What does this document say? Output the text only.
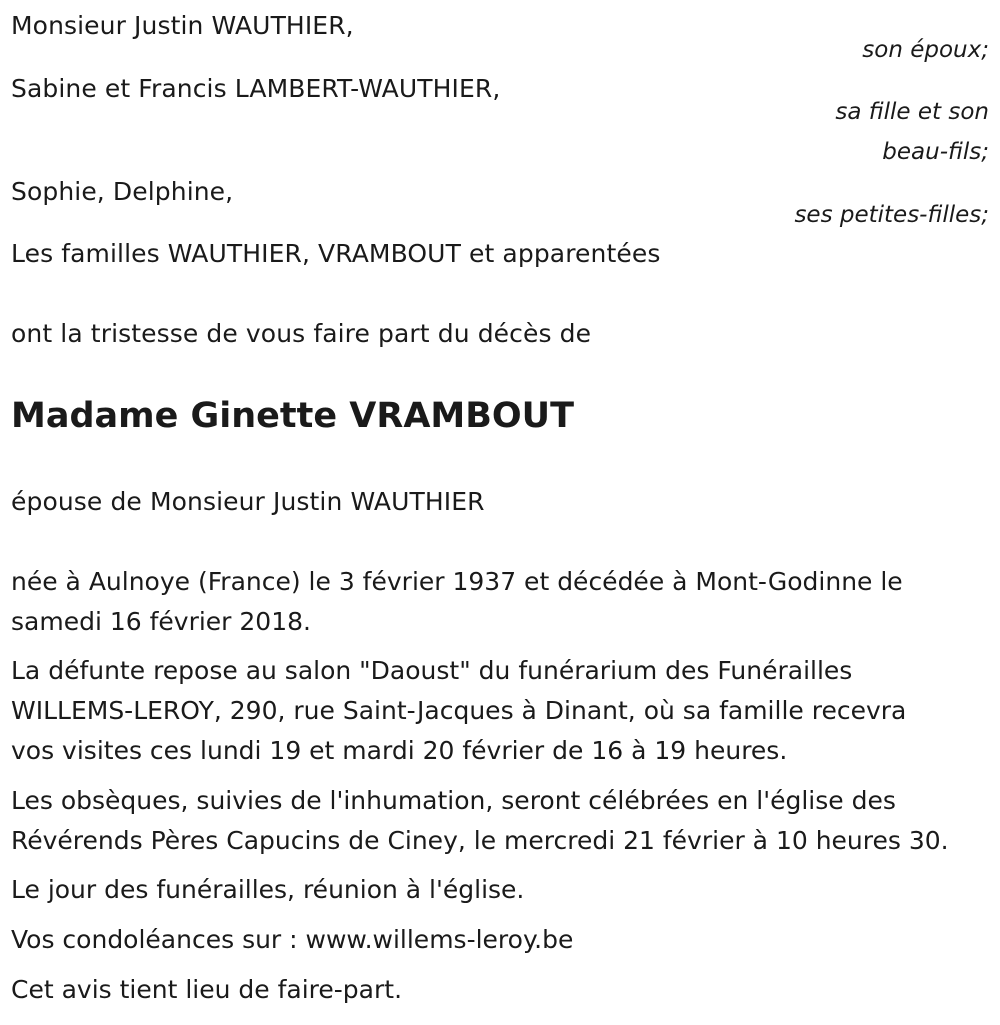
Monsieur Justin WAUTHIER,
son époux;
Sabine et Francis LAMBERT-WAUTHIER,
sa fille et son
beau-fils;
Sophie, Delphine,
ses petites-filles;
Les familles WAUTHIER, VRAMBOUT et apparentées
ont la tristesse de vous faire part du décès de
Madame Ginette VRAMBOUT
épouse de Monsieur Justin WAUTHIER
née à Aulnoye (France) le 3 février 1937 et décédée à Mont-Godinne le
samedi 16 février 2018.
La défunte repose au salon "Daoust" du funérarium des Funérailles
WILLEMS-LEROY, 290, rue Saint-Jacques à Dinant, où sa famille recevra
vos visites ces lundi 19 et mardi 20 février de 16 à 19 heures.
Les obsèques, suivies de l'inhumation, seront célébrées en l'église des
Révérends Pères Capucins de Ciney, le mercredi 21 février à 10 heures 30.
Le jour des funérailles, réunion à l'église.
Vos condoléances sur : www.willems-leroy.be
Cet avis tient lieu de faire-part.
